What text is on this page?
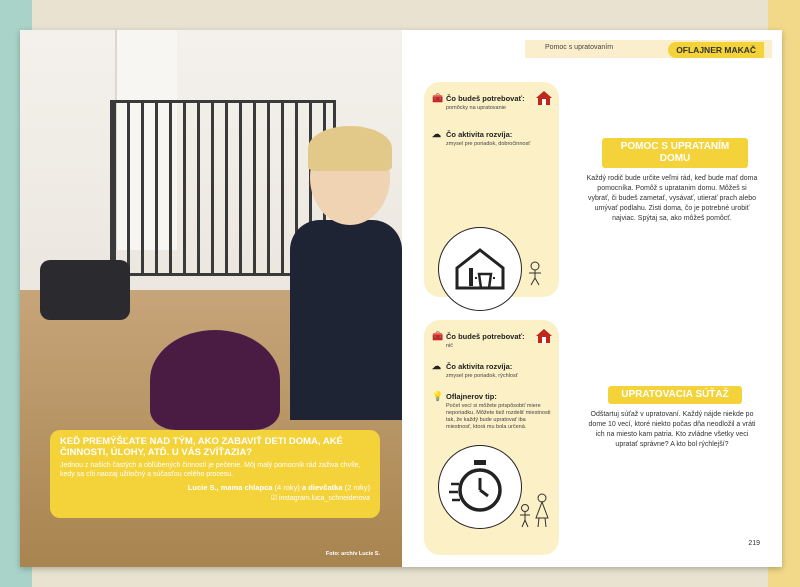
KEĎ PREMÝŠĽATE NAD TÝM, AKO ZABAVIŤ DETI DOMA, AKÉ ČINNOSTI, ÚLOHY, ATĎ. U VÁS ZVÍŤAZIA?

Jednou z našich častých a obľúbených činností je pečenie. Môj malý pomocník rád zaživa chvíle, kedy sa cíti naozaj užitočný a súčasťou celého procesu.

Lucie S., mama chlapca (4 roky) a dievčatka (2 roky)
☑ instagram.luca_schneiderova
Foto: archív Lucie S.
Pomoc s upratovaním	OFLAJNER MAKAČ
🧰 Čo budeš potrebovať:
pomôcky na upratovanie
☁ Čo aktivita rozvíja:
zmysel pre poriadok, dobročinnosť
🧰 Čo budeš potrebovať:
nič
☁ Čo aktivita rozvíja:
zmysel pre poriadok, rýchlosť
💡 Oflajnerov tip:
Počet vecí si môžete prispôsobiť miere neporiadku. Môžete tiež rozdeliť miestnosti tak, že každý bude upratovať iba miestnosť, ktorá mu bola určená.
POMOC S UPRATANÍM DOMU
Každý rodič bude určite veľmi rád, keď bude mať doma pomocníka. Pomôž s upratanim domu. Môžeš si vybrať, či budeš zametať, vysávať, utierať prach alebo umývať podlahu. Zisti doma, čo je potrebné urobiť najviac. Spýtaj sa, ako môžeš pomôcť.
UPRATOVACIA SÚŤAŽ
Odštartuj súťaž v upratovaní. Každý nájde niekde po dome 10 vecí, ktoré niekto počas dňa neodložil a vráti ich na miesto kam patria. Kto zvládne všetky veci upratať správne? A kto bol rýchlejší?
219
